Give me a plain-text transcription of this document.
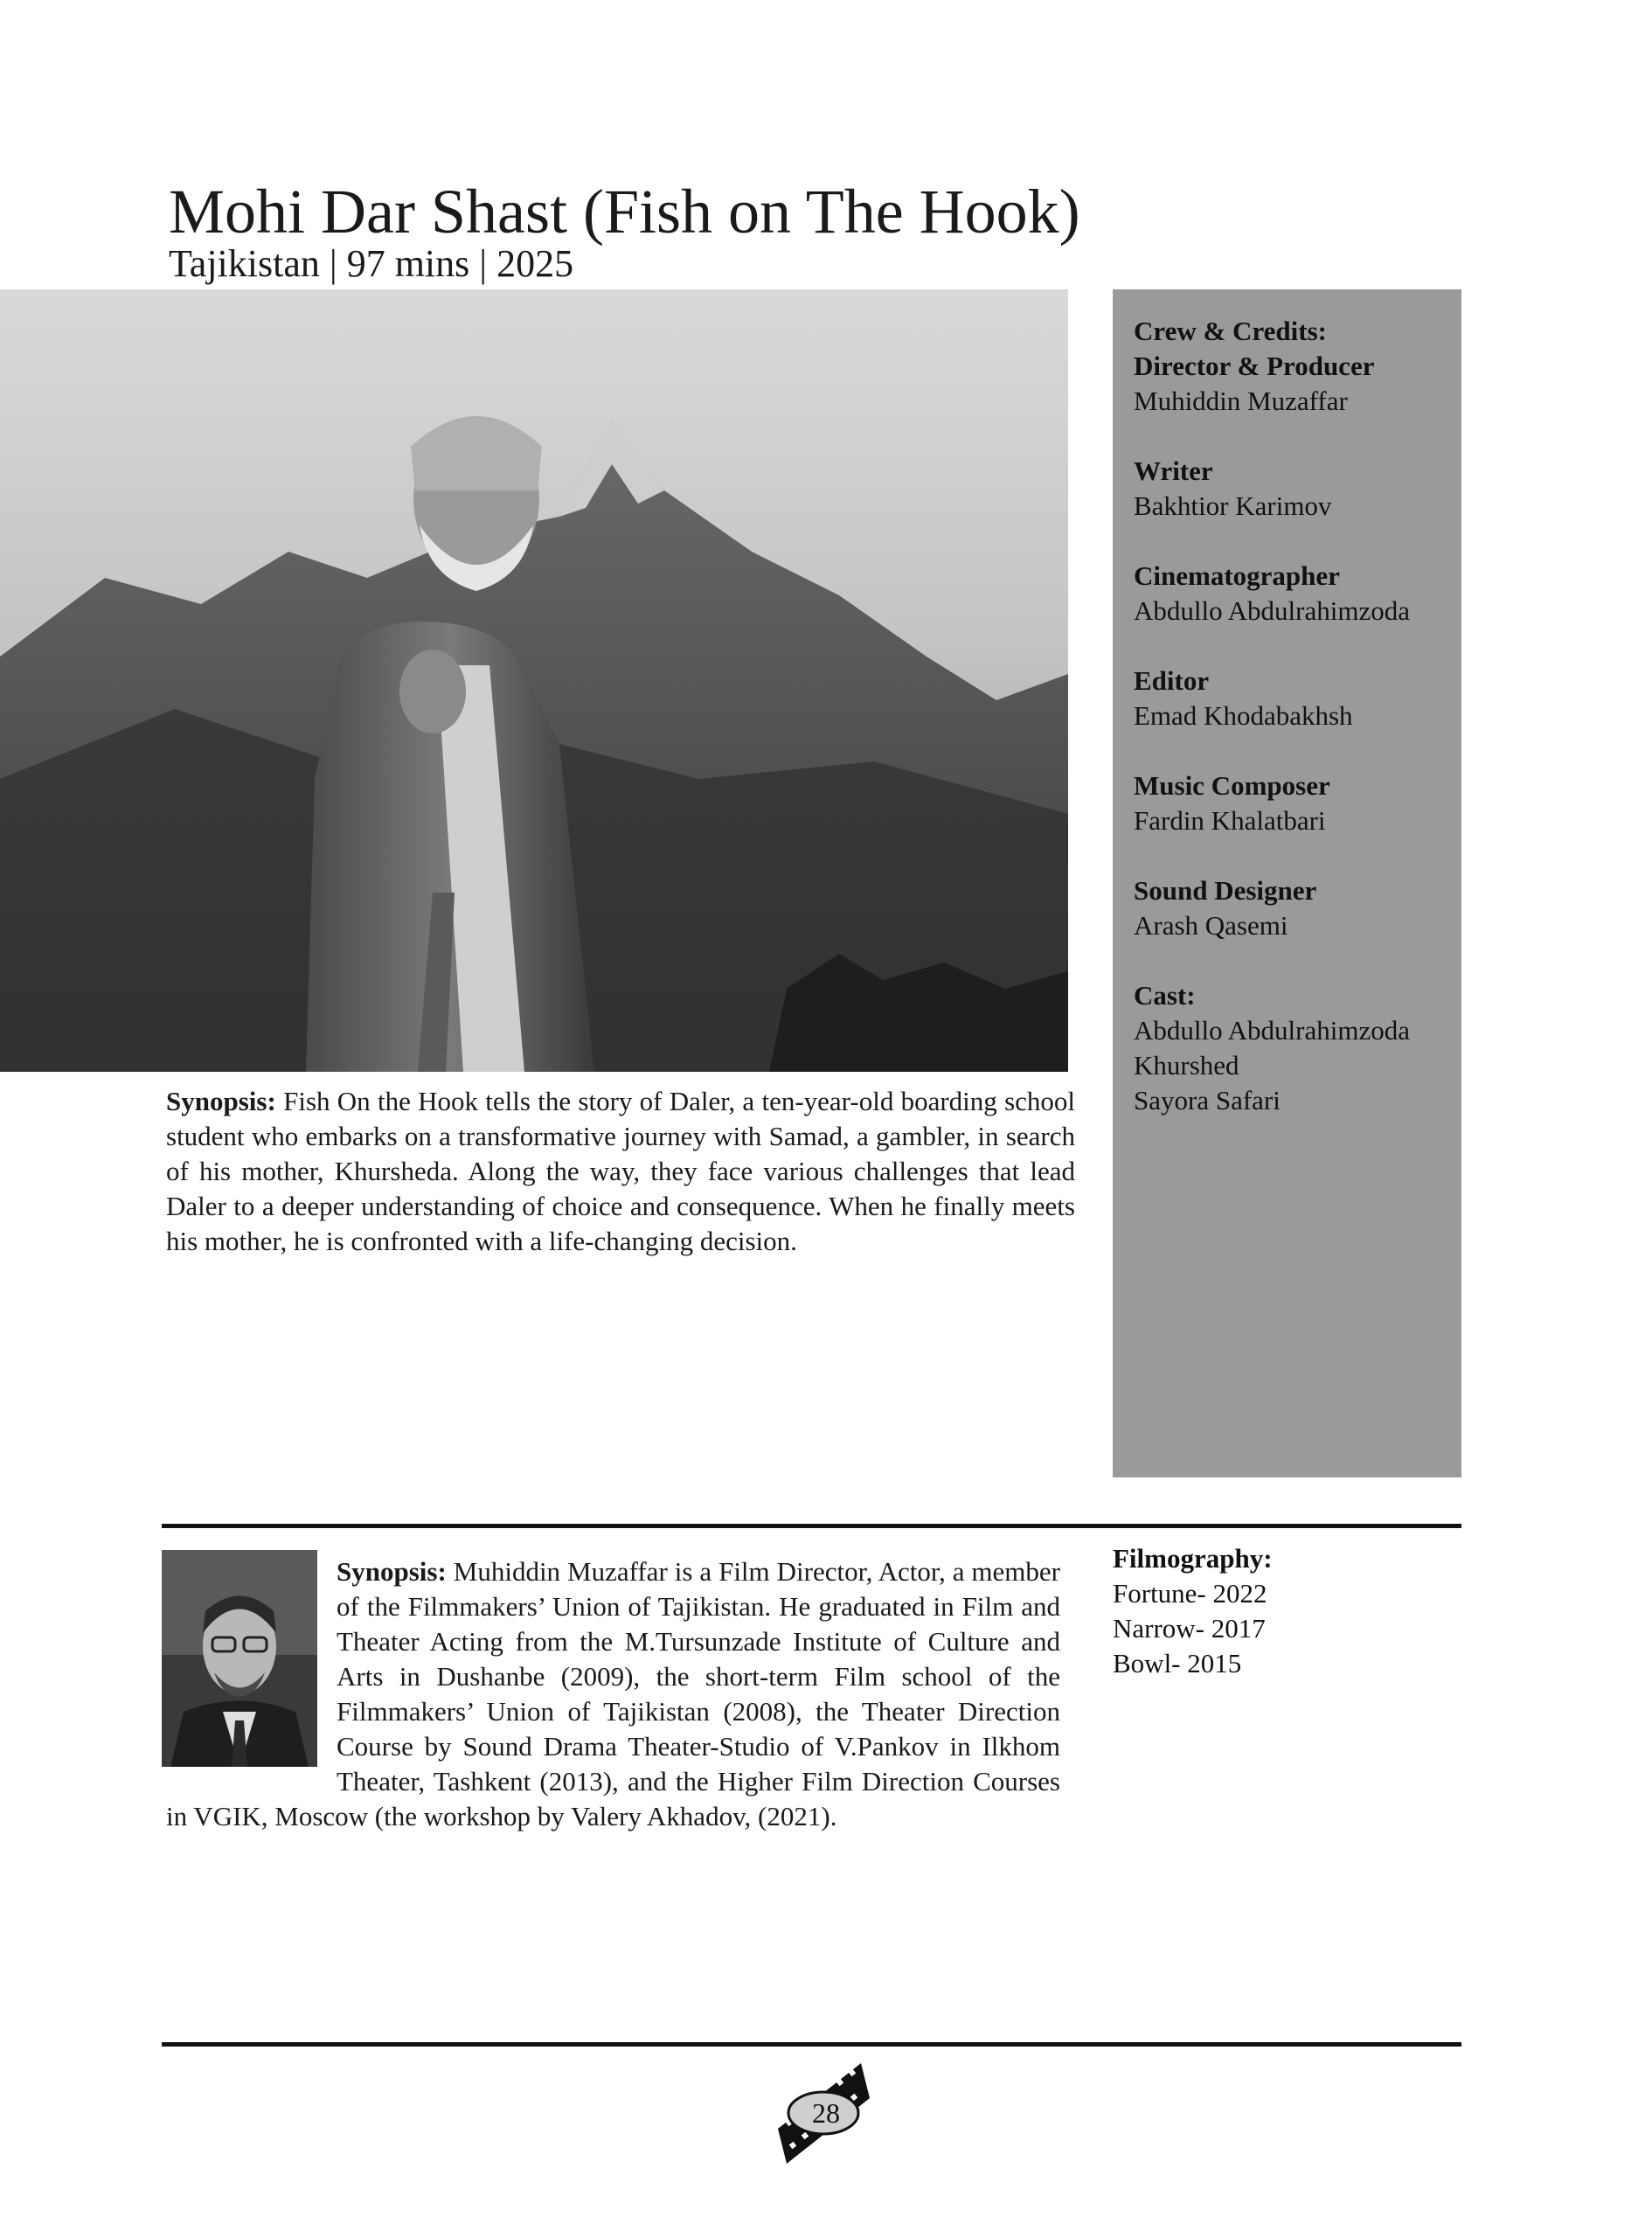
Mohi Dar Shast (Fish on The Hook)
Tajikistan | 97 mins | 2025
Crew & Credits:
Director & Producer
Muhiddin Muzaffar
Writer
Bakhtior Karimov
Cinematographer
Abdullo Abdulrahimzoda
Editor
Emad Khodabakhsh
Music Composer
Fardin Khalatbari
Sound Designer
Arash Qasemi
Cast:
Abdullo Abdulrahimzoda
Khurshed
Sayora Safari
Synopsis: Fish On the Hook tells the story of Daler, a ten-year-old boarding school student who embarks on a transformative journey with Samad, a gambler, in search of his mother, Khursheda. Along the way, they face various challenges that lead Daler to a deeper understanding of choice and consequence. When he finally meets his mother, he is confronted with a life-changing decision.
Synopsis: Muhiddin Muzaffar is a Film Director, Actor, a member of the Filmmakers’ Union of Tajikistan. He graduated in Film and Theater Acting from the M.Tursunzade Institute of Culture and Arts in Dushanbe (2009), the short-term Film school of the Filmmakers’ Union of Tajikistan (2008), the Theater Direction Course by Sound Drama Theater-Studio of V.Pankov in Ilkhom Theater, Tashkent (2013), and the Higher Film Direction Courses in VGIK, Moscow (the workshop by Valery Akhadov, (2021).
Filmography:
Fortune- 2022
Narrow- 2017
Bowl- 2015
28
